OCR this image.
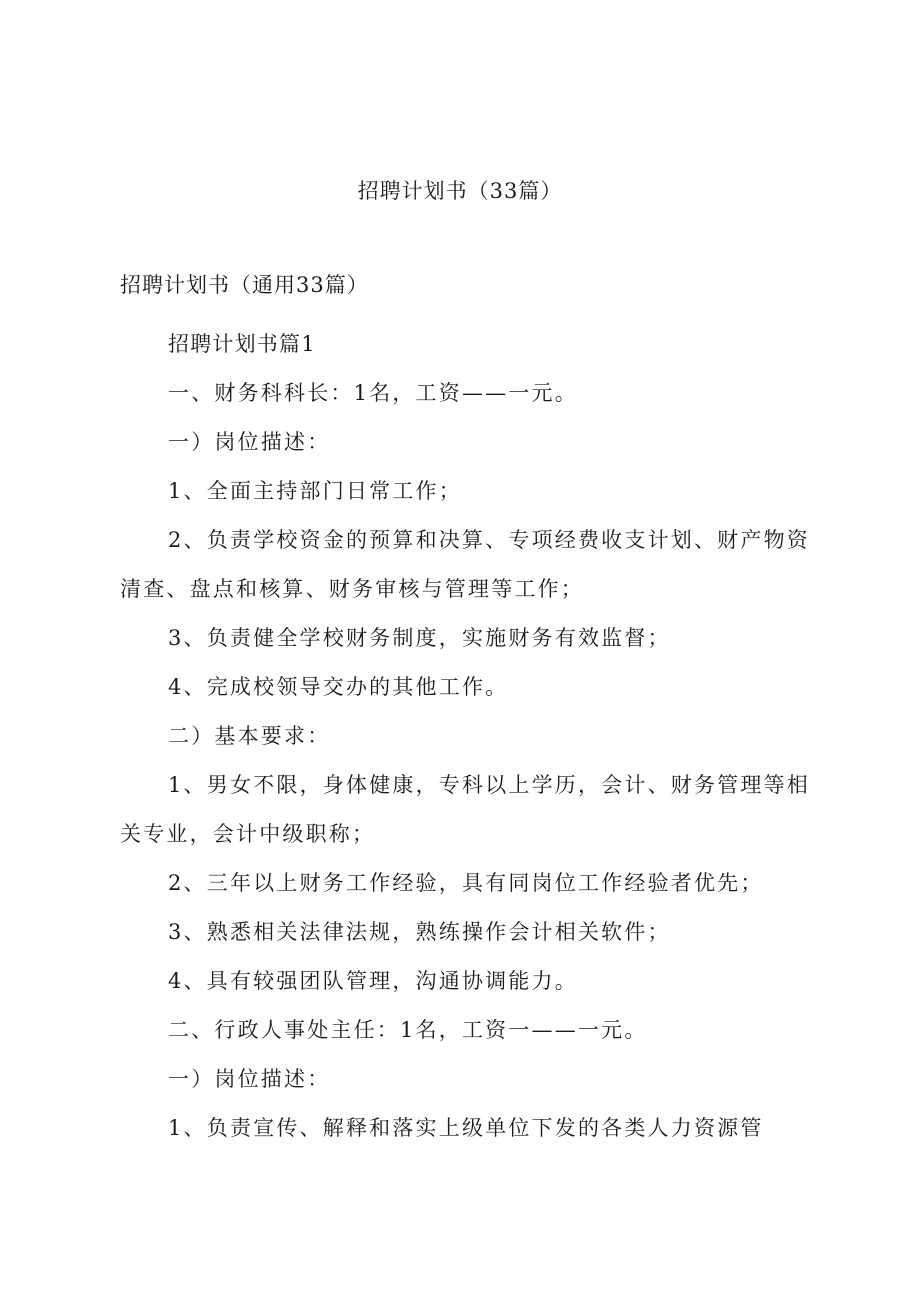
招聘计划书（33篇）
招聘计划书（通用33篇）

招聘计划书篇1

一、财务科科长：1名，工资——一元。

一）岗位描述：

1、全面主持部门日常工作；

2、负责学校资金的预算和决算、专项经费收支计划、财产物资清查、盘点和核算、财务审核与管理等工作；

3、负责健全学校财务制度，实施财务有效监督；

4、完成校领导交办的其他工作。

二）基本要求：

1、男女不限，身体健康，专科以上学历，会计、财务管理等相关专业，会计中级职称；

2、三年以上财务工作经验，具有同岗位工作经验者优先；

3、熟悉相关法律法规，熟练操作会计相关软件；

4、具有较强团队管理，沟通协调能力。

二、行政人事处主任：1名，工资一——一元。

一）岗位描述：

1、负责宣传、解释和落实上级单位下发的各类人力资源管
